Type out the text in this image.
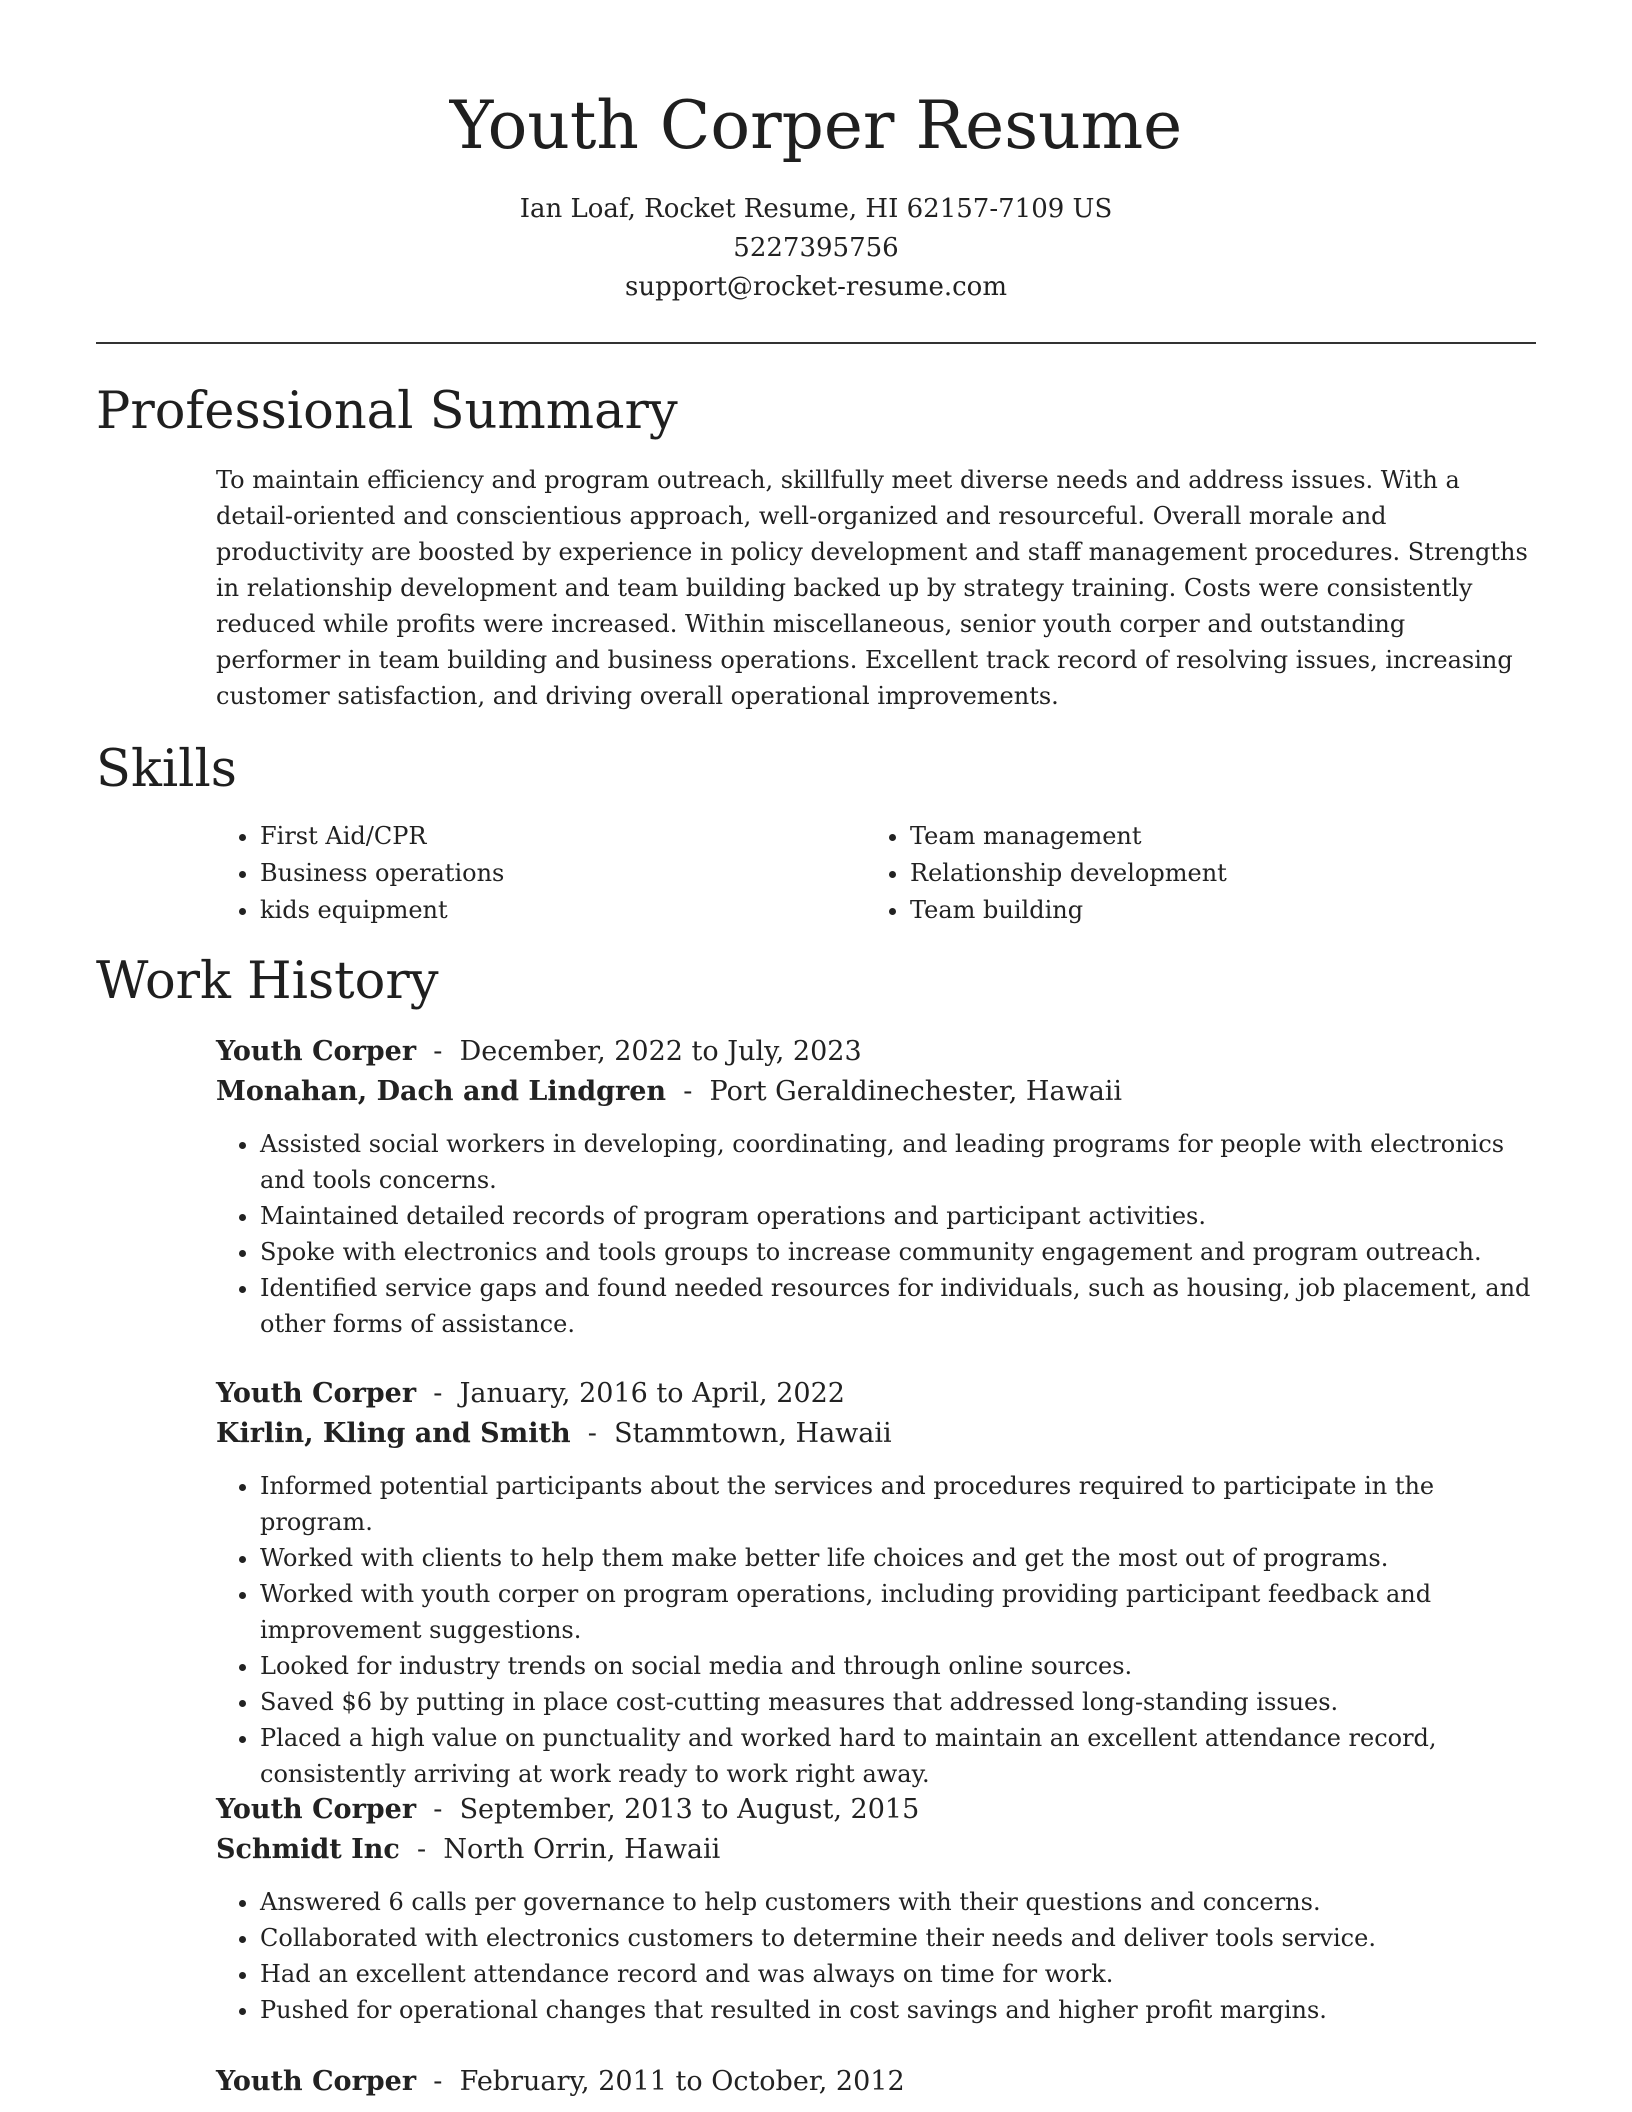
Youth Corper Resume
Ian Loaf, Rocket Resume, HI 62157-7109 US
5227395756
support@rocket-resume.com
Professional Summary

To maintain efficiency and program outreach, skillfully meet diverse needs and address issues. With a detail-oriented and conscientious approach, well-organized and resourceful. Overall morale and productivity are boosted by experience in policy development and staff management procedures. Strengths in relationship development and team building backed up by strategy training. Costs were consistently reduced while profits were increased. Within miscellaneous, senior youth corper and outstanding performer in team building and business operations. Excellent track record of resolving issues, increasing customer satisfaction, and driving overall operational improvements.

Skills
• First Aid/CPR
• Business operations
• kids equipment
• Team management
• Relationship development
• Team building
Work History
Youth Corper  -  December, 2022 to July, 2023
Monahan, Dach and Lindgren  -  Port Geraldinechester, Hawaii
• Assisted social workers in developing, coordinating, and leading programs for people with electronics and tools concerns.
• Maintained detailed records of program operations and participant activities.
• Spoke with electronics and tools groups to increase community engagement and program outreach.
• Identified service gaps and found needed resources for individuals, such as housing, job placement, and other forms of assistance.
Youth Corper  -  January, 2016 to April, 2022
Kirlin, Kling and Smith  -  Stammtown, Hawaii
• Informed potential participants about the services and procedures required to participate in the program.
• Worked with clients to help them make better life choices and get the most out of programs.
• Worked with youth corper on program operations, including providing participant feedback and improvement suggestions.
• Looked for industry trends on social media and through online sources.
• Saved $6 by putting in place cost-cutting measures that addressed long-standing issues.
• Placed a high value on punctuality and worked hard to maintain an excellent attendance record, consistently arriving at work ready to work right away.
Youth Corper  -  September, 2013 to August, 2015
Schmidt Inc  -  North Orrin, Hawaii
• Answered 6 calls per governance to help customers with their questions and concerns.
• Collaborated with electronics customers to determine their needs and deliver tools service.
• Had an excellent attendance record and was always on time for work.
• Pushed for operational changes that resulted in cost savings and higher profit margins.
Youth Corper  -  February, 2011 to October, 2012
